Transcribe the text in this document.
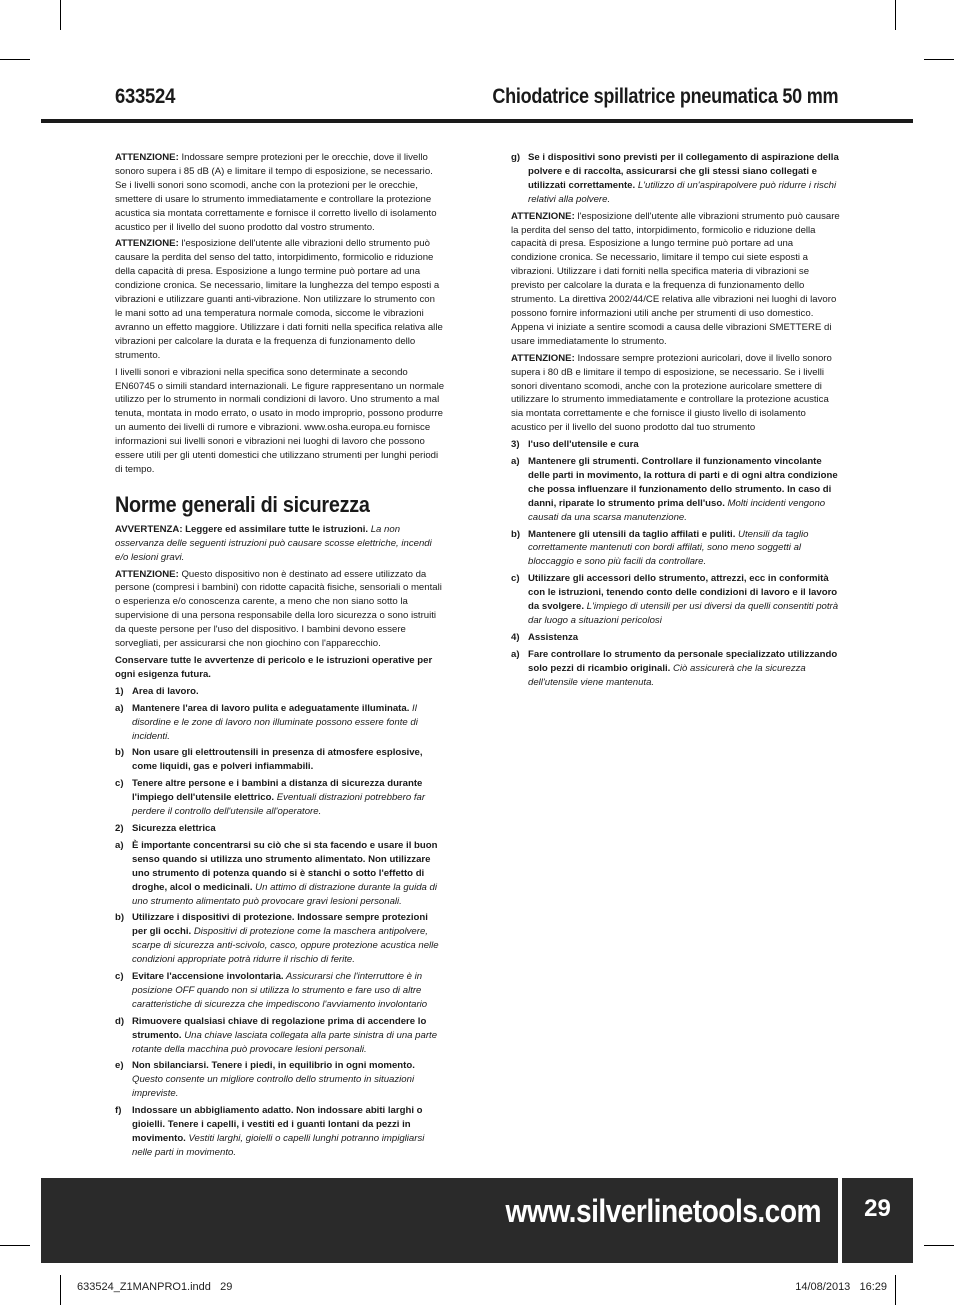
633524	Chiodatrice spillatrice pneumatica 50 mm

ATTENZIONE: Indossare sempre protezioni per le orecchie, dove il livello sonoro supera i 85 dB (A) e limitare il tempo di esposizione, se necessario. Se i livelli sonori sono scomodi, anche con la protezioni per le orecchie, smettere di usare lo strumento immediatamente e controllare la protezione acustica sia montata correttamente e fornisce il corretto livello di isolamento acustico per il livello del suono prodotto dal vostro strumento.

ATTENZIONE: l'esposizione dell'utente alle vibrazioni dello strumento può causare la perdita del senso del tatto, intorpidimento, formicolio e riduzione della capacità di presa. Esposizione a lungo termine può portare ad una condizione cronica. Se necessario, limitare la lunghezza del tempo esposti a vibrazioni e utilizzare guanti anti-vibrazione. Non utilizzare lo strumento con le mani sotto ad una temperatura normale comoda, siccome le vibrazioni avranno un effetto maggiore. Utilizzare i dati forniti nella specifica relativa alle vibrazioni per calcolare la durata e la frequenza di funzionamento dello strumento.

I livelli sonori e vibrazioni nella specifica sono determinate a secondo EN60745 o simili standard internazionali. Le figure rappresentano un normale utilizzo per lo strumento in normali condizioni di lavoro. Uno strumento a mal tenuta, montata in modo errato, o usato in modo improprio, possono produrre un aumento dei livelli di rumore e vibrazioni. www.osha.europa.eu fornisce informazioni sui livelli sonori e vibrazioni nei luoghi di lavoro che possono essere utili per gli utenti domestici che utilizzano strumenti per lunghi periodi di tempo.

Norme generali di sicurezza

AVVERTENZA: Leggere ed assimilare tutte le istruzioni. La non osservanza delle seguenti istruzioni può causare scosse elettriche, incendi e/o lesioni gravi.

ATTENZIONE: Questo dispositivo non è destinato ad essere utilizzato da persone (compresi i bambini) con ridotte capacità fisiche, sensoriali o mentali o esperienza e/o conoscenza carente, a meno che non siano sotto la supervisione di una persona responsabile della loro sicurezza o sono istruiti da queste persone per l'uso del dispositivo. I bambini devono essere sorvegliati, per assicurarsi che non giochino con l'apparecchio.

Conservare tutte le avvertenze di pericolo e le istruzioni operative per ogni esigenza futura.

1) Area di lavoro.
a) Mantenere l'area di lavoro pulita e adeguatamente illuminata. Il disordine e le zone di lavoro non illuminate possono essere fonte di incidenti.
b) Non usare gli elettroutensili in presenza di atmosfere esplosive, come liquidi, gas e polveri infiammabili.
c) Tenere altre persone e i bambini a distanza di sicurezza durante l'impiego dell'utensile elettrico. Eventuali distrazioni potrebbero far perdere il controllo dell'utensile all'operatore.
2) Sicurezza elettrica
a) È importante concentrarsi su ciò che si sta facendo e usare il buon senso quando si utilizza uno strumento alimentato. Non utilizzare uno strumento di potenza quando si è stanchi o sotto l'effetto di droghe, alcol o medicinali. Un attimo di distrazione durante la guida di uno strumento alimentato può provocare gravi lesioni personali.
b) Utilizzare i dispositivi di protezione. Indossare sempre protezioni per gli occhi. Dispositivi di protezione come la maschera antipolvere, scarpe di sicurezza anti-scivolo, casco, oppure protezione acustica nelle condizioni appropriate potrà ridurre il rischio di ferite.
c) Evitare l'accensione involontaria. Assicurarsi che l'interruttore è in posizione OFF quando non si utilizza lo strumento e fare uso di altre caratteristiche di sicurezza che impediscono l'avviamento involontario
d) Rimuovere qualsiasi chiave di regolazione prima di accendere lo strumento. Una chiave lasciata collegata alla parte sinistra di una parte rotante della macchina può provocare lesioni personali.
e) Non sbilanciarsi. Tenere i piedi, in equilibrio in ogni momento. Questo consente un migliore controllo dello strumento in situazioni impreviste.
f)	Indossare un abbigliamento adatto. Non indossare abiti larghi o gioielli. Tenere i capelli, i vestiti ed i guanti lontani da pezzi in movimento. Vestiti larghi, gioielli o capelli lunghi potranno impigliarsi nelle parti in movimento.
g) Se i dispositivi sono previsti per il collegamento di aspirazione della polvere e di raccolta, assicurarsi che gli stessi siano collegati e utilizzati correttamente. L'utilizzo di un'aspirapolvere può ridurre i rischi relativi alla polvere.

ATTENZIONE: l'esposizione dell'utente alle vibrazioni strumento può causare la perdita del senso del tatto, intorpidimento, formicolio e riduzione della capacità di presa. Esposizione a lungo termine può portare ad una condizione cronica. Se necessario, limitare il tempo cui siete esposti a vibrazioni. Utilizzare i dati forniti nella specifica materia di vibrazioni se previsto per calcolare la durata e la frequenza di funzionamento dello strumento. La direttiva 2002/44/CE relativa alle vibrazioni nei luoghi di lavoro possono fornire informazioni utili anche per strumenti di uso domestico. Appena vi iniziate a sentire scomodi a causa delle vibrazioni SMETTERE di usare immediatamente lo strumento.

ATTENZIONE: Indossare sempre protezioni auricolari, dove il livello sonoro supera i 80 dB e limitare il tempo di esposizione, se necessario. Se i livelli sonori diventano scomodi, anche con la protezione auricolare smettere di utilizzare lo strumento immediatamente e controllare la protezione acustica sia montata correttamente e che fornisce il giusto livello di isolamento acustico per il livello del suono prodotto dal tuo strumento

3) l'uso dell'utensile e cura
a) Mantenere gli strumenti. Controllare il funzionamento vincolante delle parti in movimento, la rottura di parti e di ogni altra condizione che possa influenzare il funzionamento dello strumento. In caso di danni, riparate lo strumento prima dell'uso. Molti incidenti vengono causati da una scarsa manutenzione.
b) Mantenere gli utensili da taglio affilati e puliti. Utensili da taglio correttamente mantenuti con bordi affilati, sono meno soggetti al bloccaggio e sono più facili da controllare.
c) Utilizzare gli accessori dello strumento, attrezzi, ecc in conformità con le istruzioni, tenendo conto delle condizioni di lavoro e il lavoro da svolgere. L'impiego di utensili per usi diversi da quelli consentiti potrà dar luogo a situazioni pericolosi
4) Assistenza
a) Fare controllare lo strumento da personale specializzato utilizzando solo pezzi di ricambio originali. Ciò assicurerà che la sicurezza dell'utensile viene mantenuta.
www.silverlinetools.com	29
633524_Z1MANPRO1.indd   29	14/08/2013   16:29
